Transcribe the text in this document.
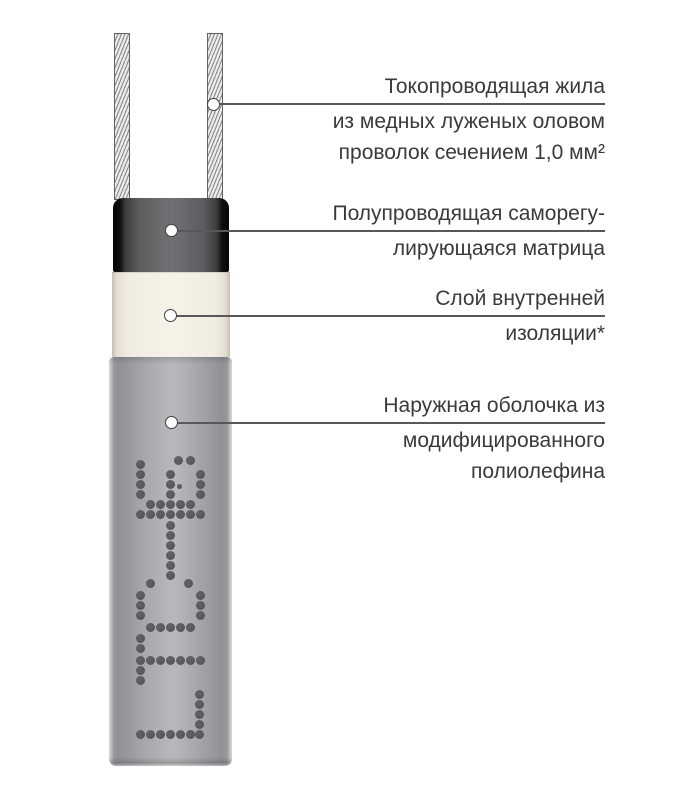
Токопроводящая жила
из медных луженых оловом
проволок сечением 1,0 мм²
Полупроводящая саморегу-
лирующаяся матрица
Слой внутренней
изоляции*
Наружная оболочка из
модифицированного
полиолефина
